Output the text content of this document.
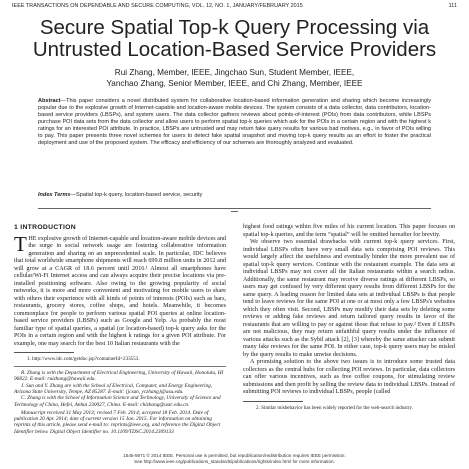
IEEE TRANSACTIONS ON DEPENDABLE AND SECURE COMPUTING, VOL. 12, NO. 1, JANUARY/FEBRUARY 2015	111
Secure Spatial Top-k Query Processing via
Untrusted Location-Based Service Providers
Rui Zhang, Member, IEEE, Jingchao Sun, Student Member, IEEE,
Yanchao Zhang, Senior Member, IEEE, and Chi Zhang, Member, IEEE

Abstract—This paper considers a novel distributed system for collaborative location-based information generation and sharing which become increasingly popular due to the explosive growth of Internet-capable and location-aware mobile devices. The system consists of a data collector, data contributors, location-based service providers (LBSPs), and system users. The data collector gathers reviews about points-of-interest (POIs) from data contributors, while LBSPs purchase POI data sets from the data collector and allow users to perform spatial top-k queries which ask for the POIs in a certain region and with the highest k ratings for an interested POI attribute. In practice, LBSPs are untrusted and may return fake query results for various bad motives, e.g., in favor of POIs willing to pay. This paper presents three novel schemes for users to detect fake spatial snapshot and moving top-k query results as an effort to foster the practical deployment and use of the proposed system. The efficacy and efficiency of our schemes are thoroughly analyzed and evaluated.

Index Terms—Spatial top-k query, location-based service, security
1 INTRODUCTION

THE explosive growth of Internet-capable and location-aware mobile devices and the surge in social network usage are fostering collaborative information generation and sharing on an unprecedented scale. In particular, IDC believes that total worldwide smartphone shipments will reach 699.8 million units in 2012 and will grow at a CAGR of 18.6 percent until 2016.¹ Almost all smartphones have cellular/Wi-Fi Internet access and can always acquire their precise locations via pre-installed positioning software. Also owing to the growing popularity of social networks, it is more and more convenient and motivating for mobile users to share with others their experience with all kinds of points of interests (POIs) such as bars, restaurants, grocery stores, coffee shops, and hotels. Meanwhile, it becomes commonplace for people to perform various spatial POI queries at online location-based service providers (LBSPs) such as Google and Yelp. As probably the most familiar type of spatial queries, a spatial (or location-based) top-k query asks for the POIs in a certain region and with the highest k ratings for a given POI attribute. For example, one may search for the best 10 Italian restaurants with the

1. http://www.idc.com/getdoc.jsp?containerId=233553.

R. Zhang is with the Department of Electrical Engineering, University of Hawaii, Honolulu, HI 96822. E-mail: ruizhang@hawaii.edu.

J. Sun and Y. Zhang are with the School of Electrical, Computer, and Energy Engineering, Arizona State University, Tempe, AZ 85287. E-mail: {jcsun, yczhang}@asu.edu.

C. Zhang is with the School of Information Science and Technology, University of Science and Technology of China, Hefei, Anhui 230027, China. E-mail: chizhang@ustc.edu.cn.

Manuscript received 31 May 2013; revised 7 Feb. 2014; accepted 18 Feb. 2014. Date of publication 20 Apr. 2014; date of current version 15 Jan. 2015. For information on obtaining reprints of this article, please send e-mail to: reprints@ieee.org, and reference the Digital Object Identifier below. Digital Object Identifier no. 10.1109/TDSC.2014.2309133

highest food ratings within five miles of his current location. This paper focuses on spatial top-k queries, and the term “spatial” will be omitted hereafter for brevity.

We observe two essential drawbacks with current top-k query services. First, individual LBSPs often have very small data sets comprising POI reviews. This would largely affect the usefulness and eventually hinder the more prevalent use of spatial top-k query services. Continue with the restaurant example. The data sets at individual LBSPs may not cover all the Italian restaurants within a search radius. Additionally, the same restaurant may receive diverse ratings at different LBSPs, so users may get confused by very different query results from different LBSPs for the same query. A leading reason for limited data sets at individual LBSPs is that people tend to leave reviews for the same POI at one or at most only a few LBSPs's websites which they often visit. Second, LBSPs may modify their data sets by deleting some reviews or adding fake reviews and return tailored query results in favor of the restaurants that are willing to pay or against those that refuse to pay.² Even if LBSPs are not malicious, they may return unfaithful query results under the influence of various attacks such as the Sybil attack [2], [3] whereby the same attacker can submit many fake reviews for the same POI. In either case, top-k query users may be misled by the query results to make unwise decisions.

A promising solution to the above two issues is to introduce some trusted data collectors as the central hubs for collecting POI reviews. In particular, data collectors can offer various incentives, such as free coffee coupons, for stimulating review submissions and then profit by selling the review data to individual LBSPs. Instead of submitting POI reviews to individual LBSPs, people (called

2. Similar misbehavior has been widely reported for the web-search industry.

1545-5971 © 2014 IEEE. Personal use is permitted, but republication/redistribution requires IEEE permission.
See http://www.ieee.org/publications_standards/publications/rights/index.html for more information.
